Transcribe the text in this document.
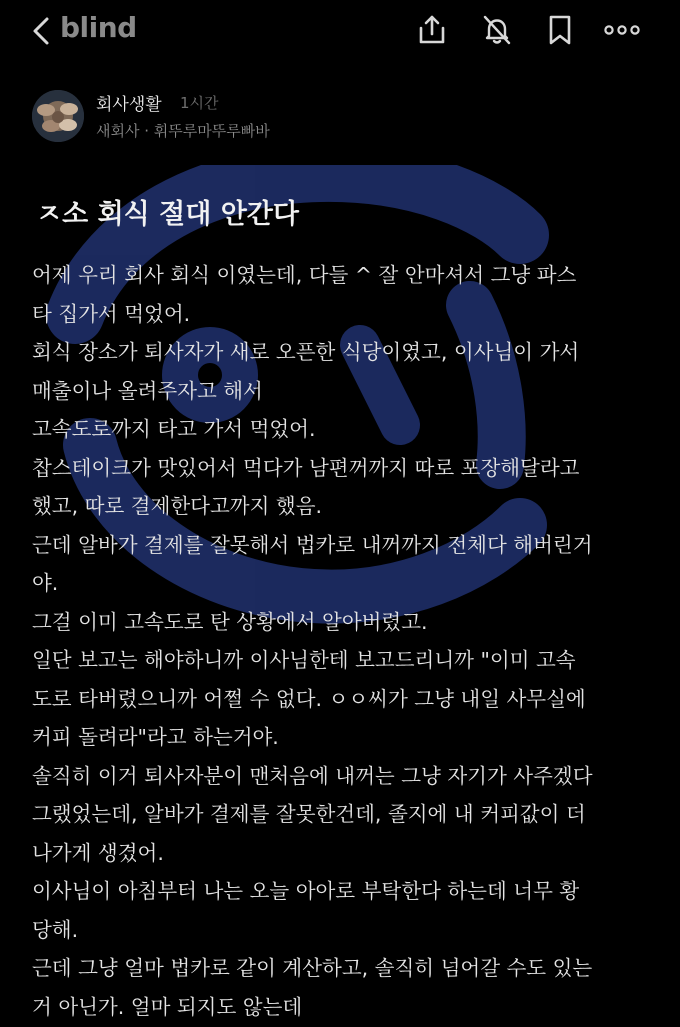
blind
회사생활 1시간
새회사 · 휘뚜루마뚜루빠바
ㅈ소 회식 절대 안간다

어제 우리 회사 회식 이였는데, 다들 ^ 잘 안마셔서 그냥 파스

타 집가서 먹었어.

회식 장소가 퇴사자가 새로 오픈한 식당이였고, 이사님이 가서

매출이나 올려주자고 해서

고속도로까지 타고 가서 먹었어.

찹스테이크가 맛있어서 먹다가 남편꺼까지 따로 포장해달라고

했고, 따로 결제한다고까지 했음.

근데 알바가 결제를 잘못해서 법카로 내꺼까지 전체다 해버린거

야.

그걸 이미 고속도로 탄 상황에서 알아버렸고.

일단 보고는 해야하니까 이사님한테 보고드리니까 "이미 고속

도로 타버렸으니까 어쩔 수 없다. ㅇㅇ씨가 그냥 내일 사무실에

커피 돌려라"라고 하는거야.

솔직히 이거 퇴사자분이 맨처음에 내꺼는 그냥 자기가 사주겠다

그랬었는데, 알바가 결제를 잘못한건데, 졸지에 내 커피값이 더

나가게 생겼어.

이사님이 아침부터 나는 오늘 아아로 부탁한다 하는데 너무 황

당해.

근데 그냥 얼마 법카로 같이 계산하고, 솔직히 넘어갈 수도 있는

거 아닌가. 얼마 되지도 않는데
